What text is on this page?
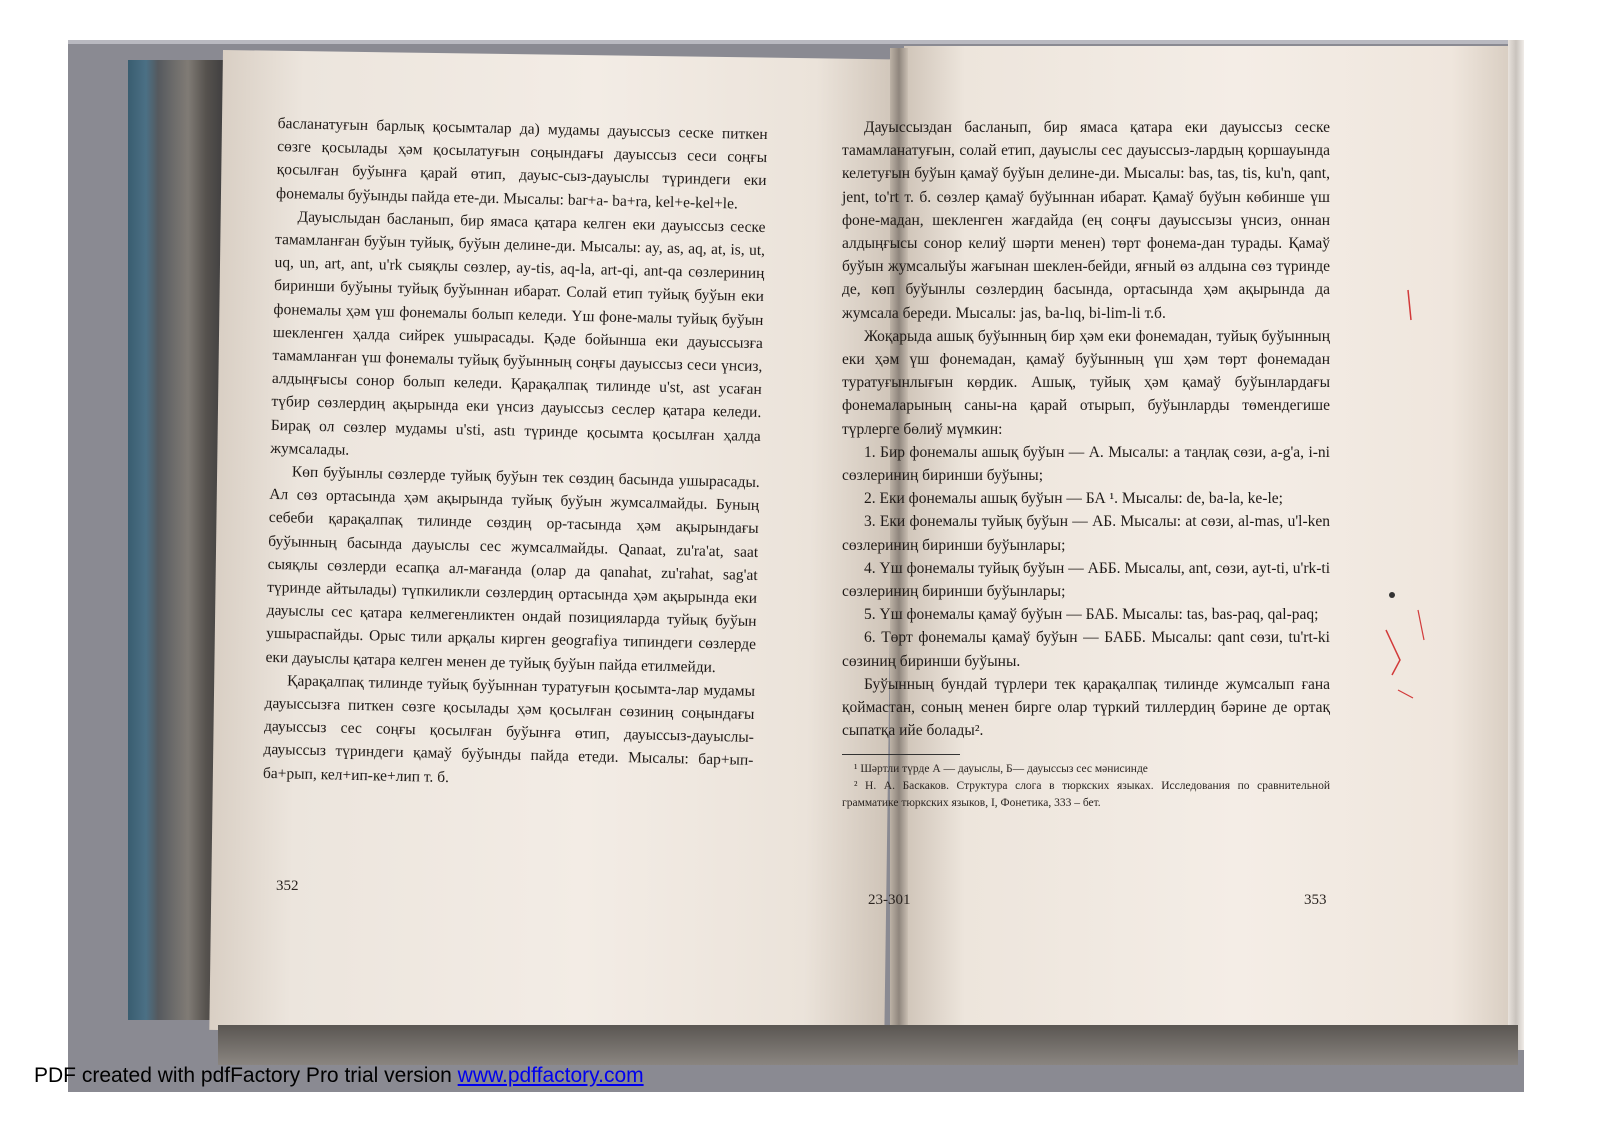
басланатуғын барлық қосымталар да) мудамы дауыссыз сеске питкен сөзге қосылады ҳәм қосылатуғын соңындағы дауыссыз сеси соңғы қосылған буўынға қарай өтип, дауыс-сыз-дауыслы түриндеги еки фонемалы буўынды пайда ете-ди. Мысалы: bar+a- ba+ra, kel+e-kel+le.

Дауыслыдан басланып, бир ямаса қатара келген еки дауыссыз сеске тамамланған буўын туйық, буўын делине-ди. Мысалы: ay, as, aq, at, is, ut, uq, un, art, ant, u'rk сыяқлы сөзлер, ay-tis, aq-la, art-qi, ant-qa сөзлериниң биринши буўыны туйық буўыннан ибарат. Солай етип туйық буўын еки фонемалы ҳәм үш фонемалы болып келеди. Үш фоне-малы туйық буўын шекленген ҳалда сийрек ушырасады. Қәде бойынша еки дауыссызға тамамланған үш фонемалы туйық буўынның соңғы дауыссыз сеси үнсиз, алдыңғысы сонор болып келеди. Қарақалпақ тилинде u'st, ast усаған түбир сөзлердиң ақырында еки үнсиз дауыссыз сеслер қатара келеди. Бирақ ол сөзлер мудамы u'sti, astı түринде қосымта қосылған ҳалда жумсалады.

Көп буўынлы сөзлерде туйық буўын тек сөздиң басында ушырасады. Ал сөз ортасында ҳәм ақырында туйық буўын жумсалмайды. Буның себеби қарақалпақ тилинде сөздиң ор-тасында ҳәм ақырындағы буўынның басында дауыслы сес жумсалмайды. Qanaat, zu'ra'at, saat сыяқлы сөзлерди есапқа ал-мағанда (олар да qanahat, zu'rahat, sag'at түринде айтылады) түпкиликли сөзлердиң ортасында ҳәм ақырында еки дауыслы сес қатара келмегенликтен ондай позицияларда туйық буўын ушыраспайды. Орыс тили арқалы кирген geografiya типиндеги сөзлерде еки дауыслы қатара келген менен де туйық буўын пайда етилмейди.

Қарақалпақ тилинде туйық буўыннан туратуғын қосымта-лар мудамы дауыссызға питкен сөзге қосылады ҳәм қосылған сөзиниң соңындағы дауыссыз сес соңғы қосылған буўынға өтип, дауыссыз-дауыслы-дауыссыз түриндеги қамаў буўынды пайда етеди. Мысалы: бар+ып-ба+рып, кел+ип-ке+лип т. б.

352

Дауыссыздан басланып, бир ямаса қатара еки дауыссыз сеске тамамланатуғын, солай етип, дауыслы сес дауыссыз-лардың қоршауында келетуғын буўын қамаў буўын делине-ди. Мысалы: bas, tas, tis, ku'n, qant, jent, to'rt т. б. сөзлер қамаў буўыннан ибарат. Қамаў буўын көбинше үш фоне-мадан, шекленген жағдайда (ең соңғы дауыссызы үнсиз, оннан алдыңғысы сонор келиў шәрти менен) төрт фонема-дан турады. Қамаў буўын жумсалыўы жағынан шеклен-бейди, яғный өз алдына сөз түринде де, көп буўынлы сөзлердиң басында, ортасында ҳәм ақырында да жумсала береди. Мысалы: jas, ba-lıq, bi-lim-li т.б.

Жоқарыда ашық буўынның бир ҳәм еки фонемадан, туйық буўынның еки ҳәм үш фонемадан, қамаў буўынның үш ҳәм төрт фонемадан туратуғынлығын көрдик. Ашық, туйық ҳәм қамаў буўынлардағы фонемаларының саны-на қарай отырып, буўынларды төмендегише түрлерге бөлиў мүмкин:

1. Бир фонемалы ашық буўын — А. Мысалы: a таңлақ сөзи, a-g'a, i-ni сөзлериниң биринши буўыны;

2. Еки фонемалы ашық буўын — БА ¹. Мысалы: de, ba-la, ke-le;

3. Еки фонемалы туйық буўын — АБ. Мысалы: at сөзи, al-mas, u'l-ken сөзлериниң биринши буўынлары;

4. Үш фонемалы туйық буўын — АББ. Мысалы, ant, сөзи, ayt-ti, u'rk-ti сөзлериниң биринши буўынлары;

5. Үш фонемалы қамаў буўын — БАБ. Мысалы: tas, bas-paq, qal-paq;

6. Төрт фонемалы қамаў буўын — БАББ. Мысалы: qant сөзи, tu'rt-ki сөзиниң биринши буўыны.

Буўынның бундай түрлери тек қарақалпақ тилинде жумсалып ғана қоймастан, соның менен бирге олар түркий тиллердиң бәрине де ортақ сыпатқа ийе болады².

¹ Шәртли түрде А — дауыслы, Б— дауыссыз сес мәнисинде

² Н. А. Баскаков. Структура слога в тюркских языках. Исследования по сравнительной грамматике тюркских языков, I, Фонетика, 333 – бет.

23-301	353
PDF created with pdfFactory Pro trial version www.pdffactory.com
